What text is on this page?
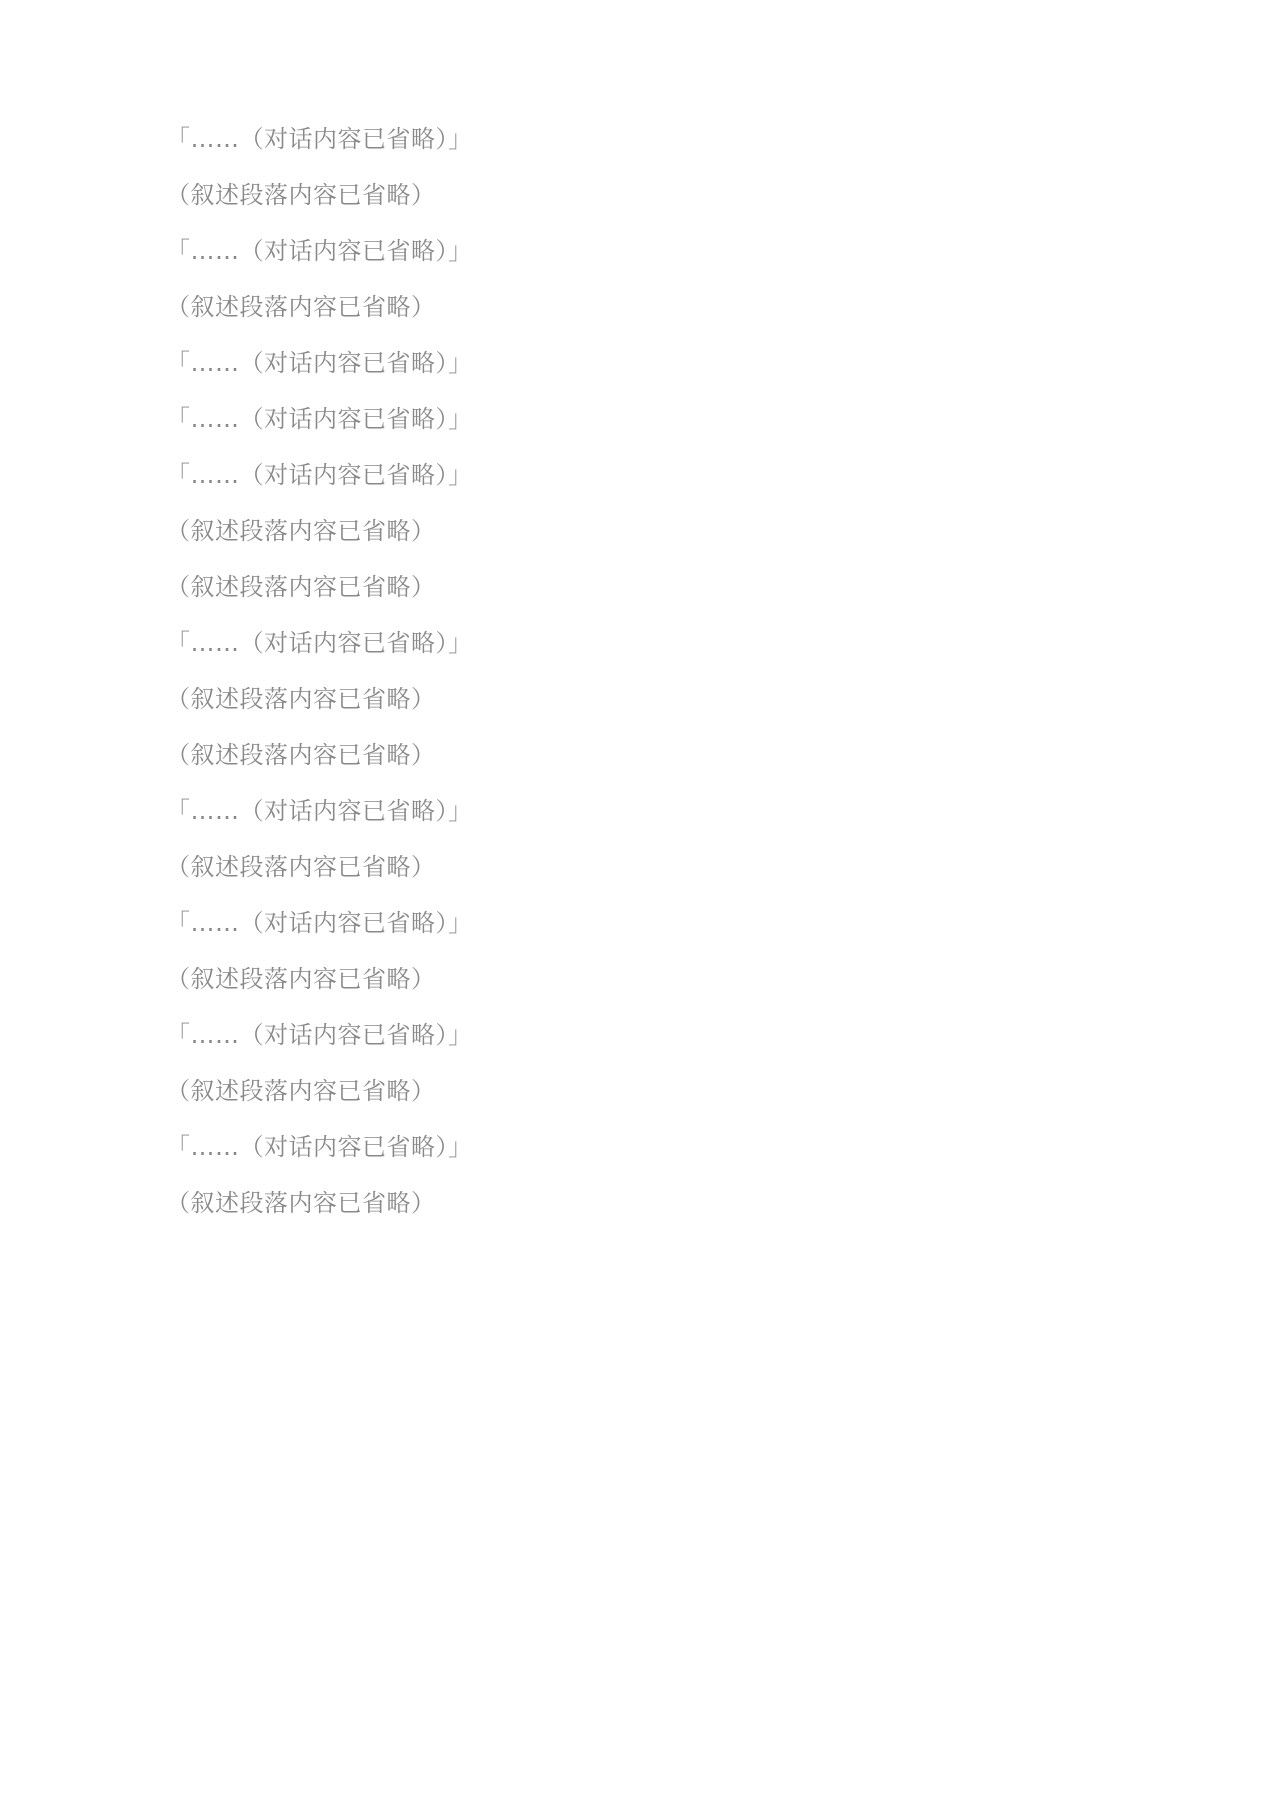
「……（对话内容已省略）」

（叙述段落内容已省略）

「……（对话内容已省略）」

（叙述段落内容已省略）

「……（对话内容已省略）」

「……（对话内容已省略）」

「……（对话内容已省略）」

（叙述段落内容已省略）

（叙述段落内容已省略）

「……（对话内容已省略）」

（叙述段落内容已省略）

（叙述段落内容已省略）

「……（对话内容已省略）」

（叙述段落内容已省略）

「……（对话内容已省略）」

（叙述段落内容已省略）

「……（对话内容已省略）」

（叙述段落内容已省略）

「……（对话内容已省略）」

（叙述段落内容已省略）
